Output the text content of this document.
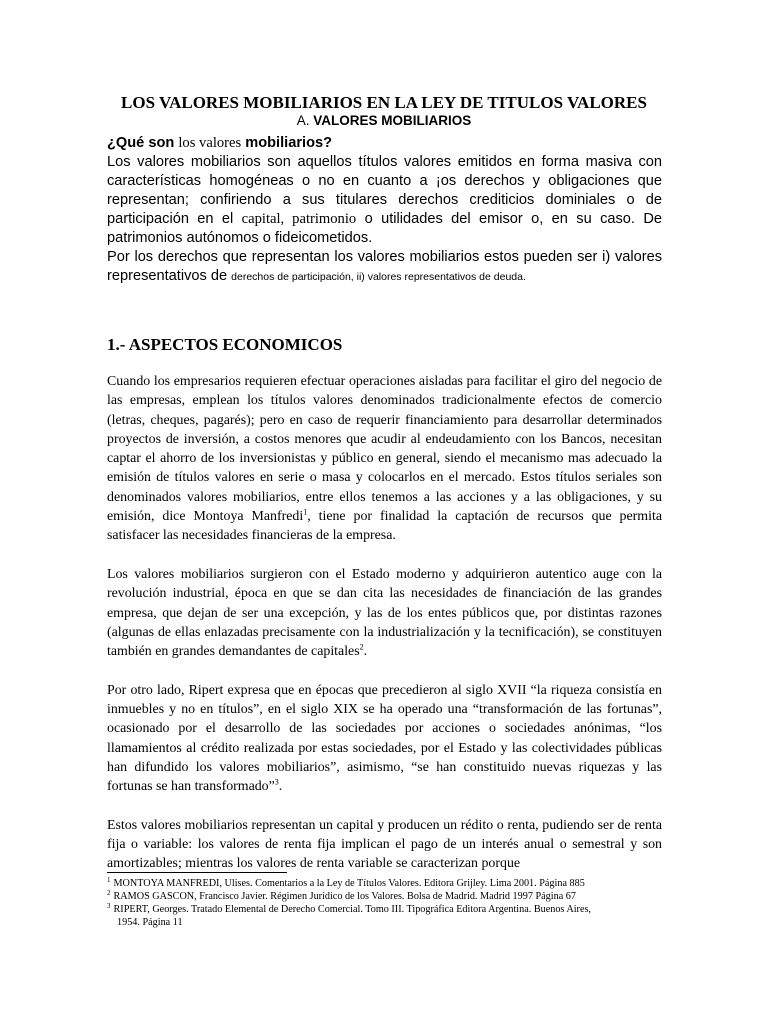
LOS VALORES MOBILIARIOS EN LA LEY DE TITULOS VALORES
A. VALORES MOBILIARIOS

¿Qué son los valores mobiliarios?

Los valores mobiliarios son aquellos títulos valores emitidos en forma masiva con características homogéneas o no en cuanto a ¡os derechos y obligaciones que representan; confiriendo a sus titulares derechos crediticios dominiales o de participación en el capital, patrimonio o utilidades del emisor o, en su caso. De patrimonios autónomos o fideicometidos.

Por los derechos que representan los valores mobiliarios estos pueden ser i) valores representativos de derechos de participación, ii) valores representativos de deuda.

1.- ASPECTOS ECONOMICOS

Cuando los empresarios requieren efectuar operaciones aisladas para facilitar el giro del negocio de las empresas, emplean los títulos valores denominados tradicionalmente efectos de comercio (letras, cheques, pagarés); pero en caso de requerir financiamiento para desarrollar determinados proyectos de inversión, a costos menores que acudir al endeudamiento con los Bancos, necesitan captar el ahorro de los inversionistas y público en general, siendo el mecanismo mas adecuado la emisión de títulos valores en serie o masa y colocarlos en el mercado. Estos títulos seriales son denominados valores mobiliarios, entre ellos tenemos a las acciones y a las obligaciones, y su emisión, dice Montoya Manfredi$^1$, tiene por finalidad la captación de recursos que permita satisfacer las necesidades financieras de la empresa.

Los valores mobiliarios surgieron con el Estado moderno y adquirieron autentico auge con la revolución industrial, época en que se dan cita las necesidades de financiación de las grandes empresa, que dejan de ser una excepción, y las de los entes públicos que, por distintas razones (algunas de ellas enlazadas precisamente con la industrialización y la tecnificación), se constituyen también en grandes demandantes de capitales$^2$.

Por otro lado, Ripert expresa que en épocas que precedieron al siglo XVII “la riqueza consistía en inmuebles y no en títulos”, en el siglo XIX se ha operado una “transformación de las fortunas”, ocasionado por el desarrollo de las sociedades por acciones o sociedades anónimas, “los llamamientos al crédito realizada por estas sociedades, por el Estado y las colectividades públicas han difundido los valores mobiliarios”, asimismo, “se han constituido nuevas riquezas y las fortunas se han transformado”$^3$.

Estos valores mobiliarios representan un capital y producen un rédito o renta, pudiendo ser de renta fija o variable: los valores de renta fija implican el pago de un interés anual o semestral y son amortizables; mientras los valores de renta variable se caracterizan porque

$^1$ MONTOYA MANFREDI, Ulises. Comentarios a la Ley de Títulos Valores. Editora Grijley. Lima 2001. Página 885

$^2$ RAMOS GASCON, Francisco Javier. Régimen Jurídico de los Valores. Bolsa de Madrid. Madrid 1997 Página 67

$^3$ RIPERT, Georges. Tratado Elemental de Derecho Comercial. Tomo III. Tipográfica Editora Argentina. Buenos Aires,
1954. Página 11
